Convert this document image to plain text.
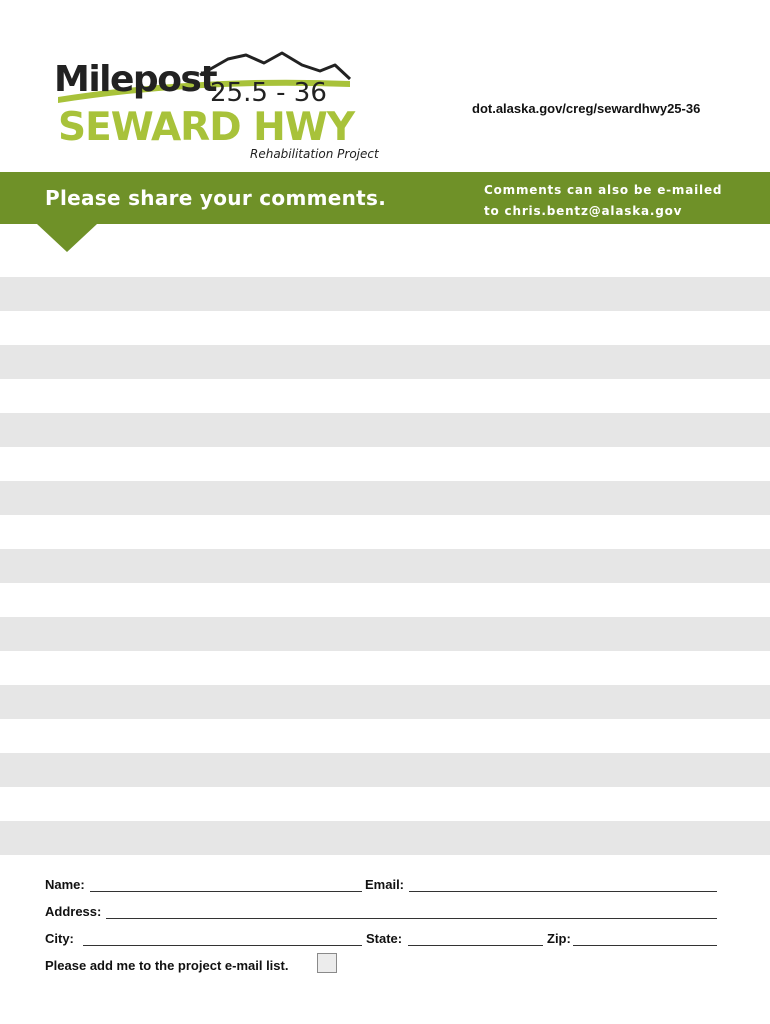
Milepost
25.5 - 36
SEWARD HWY
Rehabilitation Project
dot.alaska.gov/creg/sewardhwy25-36
Please share your comments.	Comments can also be e-mailed
to chris.bentz@alaska.gov
Name:	Email:
Address:
City:	State:	Zip:
Please add me to the project e-mail list.
